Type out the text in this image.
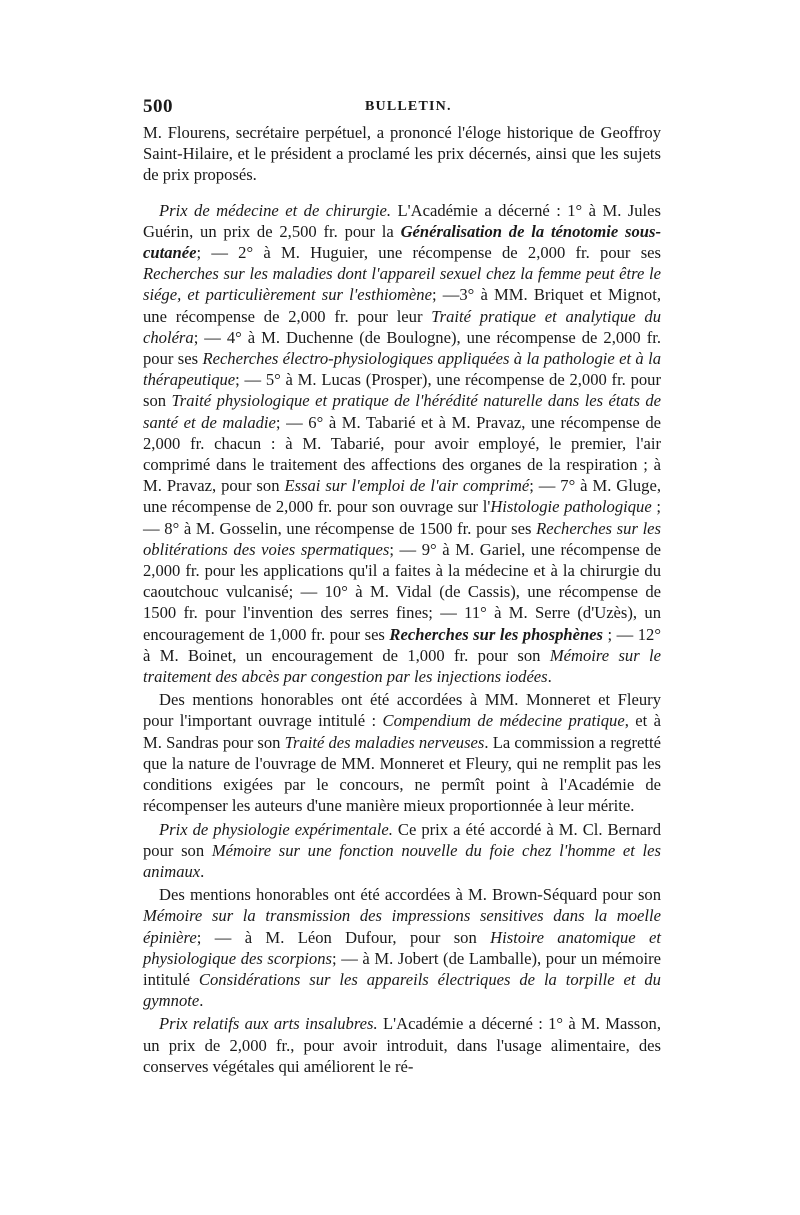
500	BULLETIN.

M. Flourens, secrétaire perpétuel, a prononcé l'éloge historique de Geoffroy Saint-Hilaire, et le président a proclamé les prix décernés, ainsi que les sujets de prix proposés.

Prix de médecine et de chirurgie. L'Académie a décerné : 1° à M. Jules Guérin, un prix de 2,500 fr. pour la Généralisation de la ténotomie sous-cutanée; — 2° à M. Huguier, une récompense de 2,000 fr. pour ses Recherches sur les maladies dont l'appareil sexuel chez la femme peut être le siége, et particulièrement sur l'esthiomène; —3° à MM. Briquet et Mignot, une récompense de 2,000 fr. pour leur Traité pratique et analytique du choléra; — 4° à M. Duchenne (de Boulogne), une récompense de 2,000 fr. pour ses Recherches électro-physiologiques appliquées à la pathologie et à la thérapeutique; — 5° à M. Lucas (Prosper), une récompense de 2,000 fr. pour son Traité physiologique et pratique de l'hérédité naturelle dans les états de santé et de maladie; — 6° à M. Tabarié et à M. Pravaz, une récompense de 2,000 fr. chacun : à M. Tabarié, pour avoir employé, le premier, l'air comprimé dans le traitement des affections des organes de la respiration ; à M. Pravaz, pour son Essai sur l'emploi de l'air comprimé; — 7° à M. Gluge, une récompense de 2,000 fr. pour son ouvrage sur l'Histologie pathologique ; — 8° à M. Gosselin, une récompense de 1500 fr. pour ses Recherches sur les oblitérations des voies spermatiques; — 9° à M. Gariel, une récompense de 2,000 fr. pour les applications qu'il a faites à la médecine et à la chirurgie du caoutchouc vulcanisé; — 10° à M. Vidal (de Cassis), une récompense de 1500 fr. pour l'invention des serres fines; — 11° à M. Serre (d'Uzès), un encouragement de 1,000 fr. pour ses Recherches sur les phosphènes ; — 12° à M. Boinet, un encouragement de 1,000 fr. pour son Mémoire sur le traitement des abcès par congestion par les injections iodées.

Des mentions honorables ont été accordées à MM. Monneret et Fleury pour l'important ouvrage intitulé : Compendium de médecine pratique, et à M. Sandras pour son Traité des maladies nerveuses. La commission a regretté que la nature de l'ouvrage de MM. Monneret et Fleury, qui ne remplit pas les conditions exigées par le concours, ne permît point à l'Académie de récompenser les auteurs d'une manière mieux proportionnée à leur mérite.

Prix de physiologie expérimentale. Ce prix a été accordé à M. Cl. Bernard pour son Mémoire sur une fonction nouvelle du foie chez l'homme et les animaux.

Des mentions honorables ont été accordées à M. Brown-Séquard pour son Mémoire sur la transmission des impressions sensitives dans la moelle épinière; — à M. Léon Dufour, pour son Histoire anatomique et physiologique des scorpions; — à M. Jobert (de Lamballe), pour un mémoire intitulé Considérations sur les appareils électriques de la torpille et du gymnote.

Prix relatifs aux arts insalubres. L'Académie a décerné : 1° à M. Masson, un prix de 2,000 fr., pour avoir introduit, dans l'usage alimentaire, des conserves végétales qui améliorent le ré-
